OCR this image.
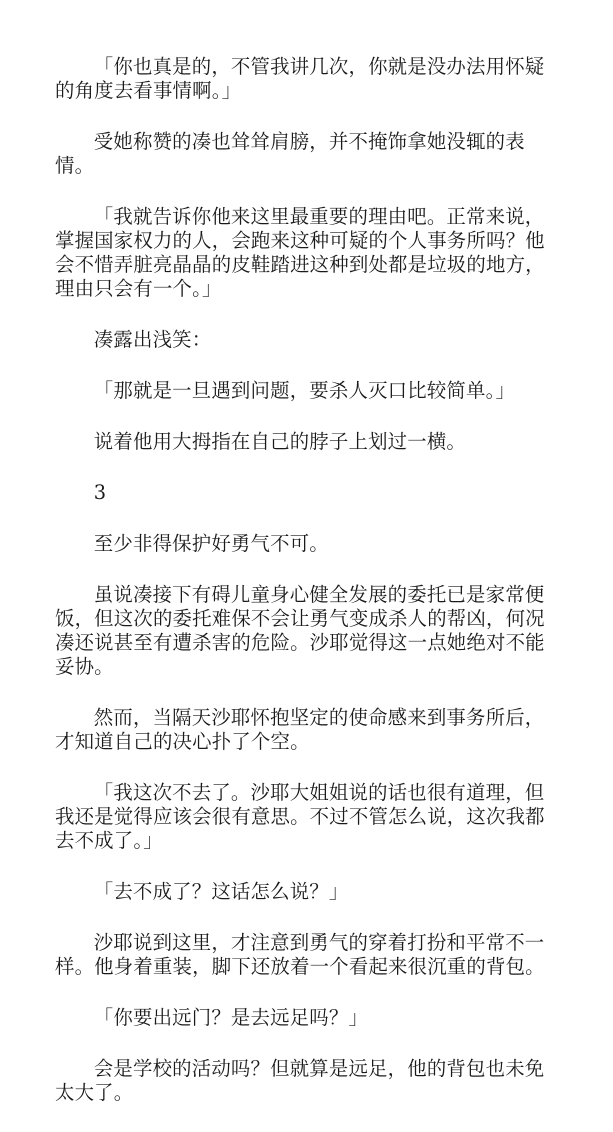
「你也真是的，不管我讲几次，你就是没办法用怀疑的角度去看事情啊。」

受她称赞的凑也耸耸肩膀，并不掩饰拿她没辄的表情。

「我就告诉你他来这里最重要的理由吧。正常来说，掌握国家权力的人，会跑来这种可疑的个人事务所吗？他会不惜弄脏亮晶晶的皮鞋踏进这种到处都是垃圾的地方，理由只会有一个。」

凑露出浅笑：

「那就是一旦遇到问题，要杀人灭口比较简单。」

说着他用大拇指在自己的脖子上划过一横。

3

至少非得保护好勇气不可。

虽说凑接下有碍儿童身心健全发展的委托已是家常便饭，但这次的委托难保不会让勇气变成杀人的帮凶，何况凑还说甚至有遭杀害的危险。沙耶觉得这一点她绝对不能妥协。

然而，当隔天沙耶怀抱坚定的使命感来到事务所后，才知道自己的决心扑了个空。

「我这次不去了。沙耶大姐姐说的话也很有道理，但我还是觉得应该会很有意思。不过不管怎么说，这次我都去不成了。」

「去不成了？这话怎么说？」

沙耶说到这里，才注意到勇气的穿着打扮和平常不一样。他身着重装，脚下还放着一个看起来很沉重的背包。

「你要出远门？是去远足吗？」

会是学校的活动吗？但就算是远足，他的背包也未免太大了。
